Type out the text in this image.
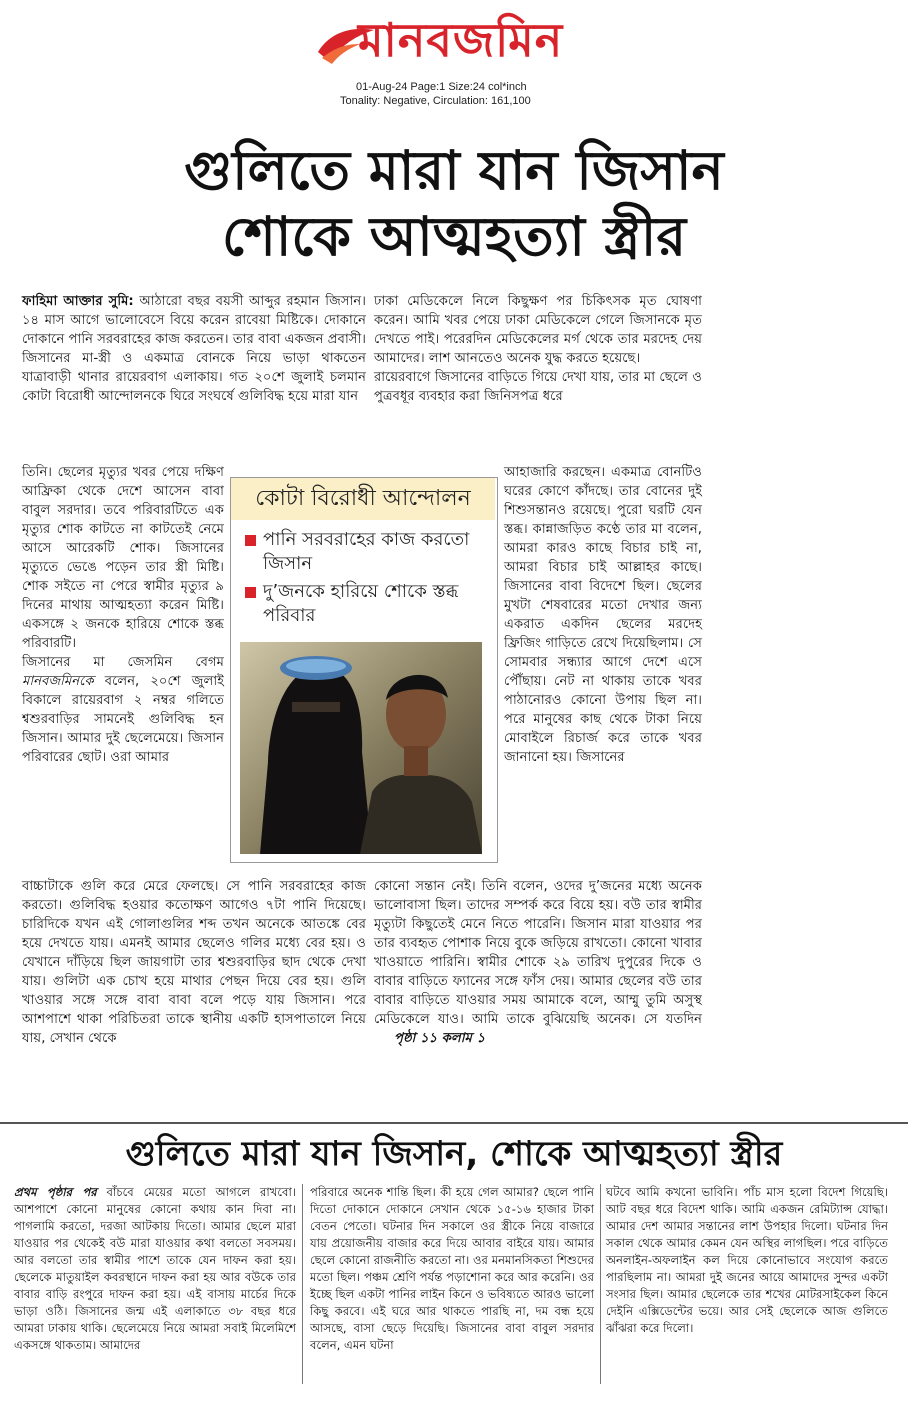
মানবজমিন
01-Aug-24 Page:1 Size:24 col*inch
Tonality: Negative, Circulation: 161,100
গুলিতে মারা যান জিসান
শোকে আত্মহত্যা স্ত্রীর

ফাহিমা আক্তার সুমি: আঠারো বছর বয়সী আব্দুর রহমান জিসান। ১৪ মাস আগে ভালোবেসে বিয়ে করেন রাবেয়া মিষ্টিকে। দোকানে দোকানে পানি সরবরাহের কাজ করতেন। তার বাবা একজন প্রবাসী। জিসানের মা-স্ত্রী ও একমাত্র বোনকে নিয়ে ভাড়া থাকতেন যাত্রাবাড়ী থানার রায়েরবাগ এলাকায়। গত ২০শে জুলাই চলমান কোটা বিরোধী আন্দোলনকে ঘিরে সংঘর্ষে গুলিবিদ্ধ হয়ে মারা যান

তিনি। ছেলের মৃত্যুর খবর পেয়ে দক্ষিণ আফ্রিকা থেকে দেশে আসেন বাবা বাবুল সরদার। তবে পরিবারটিতে এক মৃত্যুর শোক কাটতে না কাটতেই নেমে আসে আরেকটি শোক। জিসানের মৃত্যুতে ভেঙে পড়েন তার স্ত্রী মিষ্টি। শোক সইতে না পেরে স্বামীর মৃত্যুর ৯ দিনের মাথায় আত্মহত্যা করেন মিষ্টি। একসঙ্গে ২ জনকে হারিয়ে শোকে স্তব্ধ পরিবারটি।

জিসানের মা জেসমিন বেগম মানবজমিনকে বলেন, ২০শে জুলাই বিকালে রায়েরবাগ ২ নম্বর গলিতে শ্বশুরবাড়ির সামনেই গুলিবিদ্ধ হন জিসান। আমার দুই ছেলেমেয়ে। জিসান পরিবারের ছোট। ওরা আমার

বাচ্চাটাকে গুলি করে মেরে ফেলছে। সে পানি সরবরাহের কাজ করতো। গুলিবিদ্ধ হওয়ার কতোক্ষণ আগেও ৭টা পানি দিয়েছে। চারিদিকে যখন এই গোলাগুলির শব্দ তখন অনেকে আতঙ্কে বের হয়ে দেখতে যায়। এমনই আমার ছেলেও গলির মধ্যে বের হয়। ও যেখানে দাঁড়িয়ে ছিল জায়গাটা তার শ্বশুরবাড়ির ছাদ থেকে দেখা যায়। গুলিটা এক চোখ হয়ে মাথার পেছন দিয়ে বের হয়। গুলি খাওয়ার সঙ্গে সঙ্গে বাবা বাবা বলে পড়ে যায় জিসান। পরে আশপাশে থাকা পরিচিতরা তাকে স্থানীয় একটি হাসপাতালে নিয়ে যায়, সেখান থেকে

ঢাকা মেডিকেলে নিলে কিছুক্ষণ পর চিকিৎসক মৃত ঘোষণা করেন। আমি খবর পেয়ে ঢাকা মেডিকেলে গেলে জিসানকে মৃত দেখতে পাই। পরেরদিন মেডিকেলের মর্গ থেকে তার মরদেহ দেয় আমাদের। লাশ আনতেও অনেক যুদ্ধ করতে হয়েছে।

রায়েরবাগে জিসানের বাড়িতে গিয়ে দেখা যায়, তার মা ছেলে ও পুত্রবধূর ব্যবহার করা জিনিসপত্র ধরে

আহাজারি করছেন। একমাত্র বোনটিও ঘরের কোণে কাঁদছে। তার বোনের দুই শিশুসন্তানও রয়েছে। পুরো ঘরটি যেন স্তব্ধ। কান্নাজড়িত কণ্ঠে তার মা বলেন, আমরা কারও কাছে বিচার চাই না, আমরা বিচার চাই আল্লাহর কাছে। জিসানের বাবা বিদেশে ছিল। ছেলের মুখটা শেষবারের মতো দেখার জন্য একরাত একদিন ছেলের মরদেহ ফ্রিজিং গাড়িতে রেখে দিয়েছিলাম। সে সোমবার সন্ধ্যার আগে দেশে এসে পৌঁছায়। নেট না থাকায় তাকে খবর পাঠানোরও কোনো উপায় ছিল না। পরে মানুষের কাছ থেকে টাকা নিয়ে মোবাইলে রিচার্জ করে তাকে খবর জানানো হয়। জিসানের

কোনো সন্তান নেই। তিনি বলেন, ওদের দু’জনের মধ্যে অনেক ভালোবাসা ছিল। তাদের সম্পর্ক করে বিয়ে হয়। বউ তার স্বামীর মৃত্যুটা কিছুতেই মেনে নিতে পারেনি। জিসান মারা যাওয়ার পর তার ব্যবহৃত পোশাক নিয়ে বুকে জড়িয়ে রাখতো। কোনো খাবার খাওয়াতে পারিনি। স্বামীর শোকে ২৯ তারিখ দুপুরের দিকে ও বাবার বাড়িতে ফ্যানের সঙ্গে ফাঁস দেয়। আমার ছেলের বউ তার বাবার বাড়িতে যাওয়ার সময় আমাকে বলে, আম্মু তুমি অসুস্থ মেডিকেলে যাও। আমি তাকে বুঝিয়েছি অনেক। সে যতদিন পৃষ্ঠা ১১ কলাম ১

কোটা বিরোধী আন্দোলন
পানি সরবরাহের কাজ করতো জিসান
দু’জনকে হারিয়ে শোকে স্তব্ধ পরিবার
গুলিতে মারা যান জিসান, শোকে আত্মহত্যা স্ত্রীর

প্রথম পৃষ্ঠার পর বাঁচবে মেয়ের মতো আগলে রাখবো। আশপাশে কোনো মানুষের কোনো কথায় কান দিবা না। পাগলামি করতো, দরজা আটকায় দিতো। আমার ছেলে মারা যাওয়ার পর থেকেই বউ মারা যাওয়ার কথা বলতো সবসময়। আর বলতো তার স্বামীর পাশে তাকে যেন দাফন করা হয়। ছেলেকে মাতুয়াইল কবরস্থানে দাফন করা হয় আর বউকে তার বাবার বাড়ি রংপুরে দাফন করা হয়। এই বাসায় মার্চের দিকে ভাড়া ওঠি। জিসানের জন্ম এই এলাকাতে ৩৮ বছর ধরে আমরা ঢাকায় থাকি। ছেলেমেয়ে নিয়ে আমরা সবাই মিলেমিশে একসঙ্গে থাকতাম। আমাদের

পরিবারে অনেক শান্তি ছিল। কী হয়ে গেল আমার? ছেলে পানি দিতো দোকানে দোকানে সেখান থেকে ১৫-১৬ হাজার টাকা বেতন পেতো। ঘটনার দিন সকালে ওর স্ত্রীকে নিয়ে বাজারে যায় প্রয়োজনীয় বাজার করে দিয়ে আবার বাইরে যায়। আমার ছেলে কোনো রাজনীতি করতো না। ওর মনমানসিকতা শিশুদের মতো ছিল। পঞ্চম শ্রেণি পর্যন্ত পড়াশোনা করে আর করেনি। ওর ইচ্ছে ছিল একটা পানির লাইন কিনে ও ভবিষ্যতে আরও ভালো কিছু করবে। এই ঘরে আর থাকতে পারছি না, দম বন্ধ হয়ে আসছে, বাসা ছেড়ে দিয়েছি। জিসানের বাবা বাবুল সরদার বলেন, এমন ঘটনা
ঘটবে আমি কখনো ভাবিনি। পাঁচ মাস হলো বিদেশ গিয়েছি। আট বছর ধরে বিদেশ থাকি। আমি একজন রেমিট্যান্স যোদ্ধা। আমার দেশ আমার সন্তানের লাশ উপহার দিলো। ঘটনার দিন সকাল থেকে আমার কেমন যেন অস্থির লাগছিল। পরে বাড়িতে অনলাইন-অফলাইন কল দিয়ে কোনোভাবে সংযোগ করতে পারছিলাম না। আমরা দুই জনের আয়ে আমাদের সুন্দর একটা সংসার ছিল। আমার ছেলেকে তার শখের মোটরসাইকেল কিনে দেইনি এক্সিডেন্টের ভয়ে। আর সেই ছেলেকে আজ গুলিতে ঝাঁঝরা করে দিলো।
